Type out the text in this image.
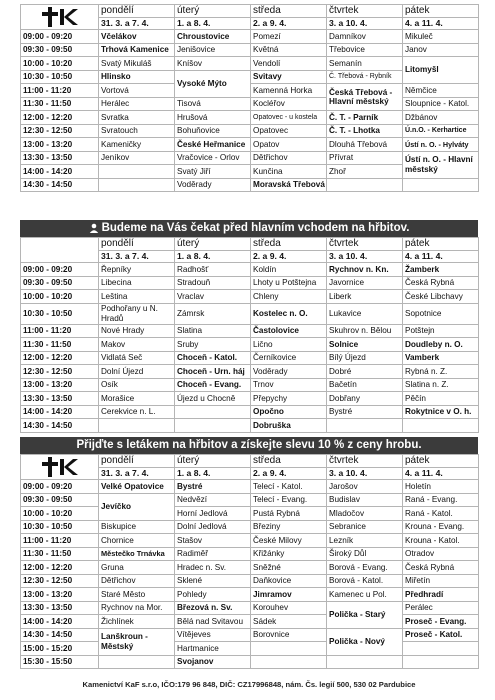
	pondělí	úterý	středa	čtvrtek	pátek
	31. 3. a 7. 4.	1. a 8. 4.	2. a 9. 4.	3. a 10. 4.	4. a 11. 4.
09:00 - 09:20	Včelákov	Chroustovice	Pomezí	Damníkov	Mikuleč
09:30 - 09:50	Trhová Kamenice	Jenišovice	Květná	Třebovice	Janov
10:00 - 10:20	Svatý Mikuláš	Kníšov	Vendolí	Semanín	Litomyšl
10:30 - 10:50	Hlinsko	Vysoké Mýto	Svitavy	Č. Třebová - Rybník	
11:00 - 11:20	Vortová		Kamenná Horka	Česká Třebová - Hlavní městský	Němčice
11:30 - 11:50	Herálec	Tisová	Kocléřov		Sloupnice - Katol.
12:00 - 12:20	Svratka	Hrušová	Opatovec - u kostela	Č. T. - Parník	Džbánov
12:30 - 12:50	Svratouch	Bohuňovice	Opatovec	Č. T. - Lhotka	Ú.n.O. - Kerhartice
13:00 - 13:20	Kameničky	České Heřmanice	Opatov	Dlouhá Třebová	Ústí n. O. - Hylváty
13:30 - 13:50	Jeníkov	Vračovice - Orlov	Dětřichov	Přívrat	Ústí n. O. - Hlavní městský
14:00 - 14:20		Svatý Jiří	Kunčina	Zhoř	
14:30 - 14:50		Voděrady	Moravská Třebová		
Budeme na Vás čekat před hlavním vchodem na hřbitov.
	pondělí	úterý	středa	čtvrtek	pátek
	31. 3. a 7. 4.	1. a 8. 4.	2. a 9. 4.	3. a 10. 4.	4. a 11. 4.
09:00 - 09:20	Řepníky	Radhošť	Koldín	Rychnov n. Kn.	Žamberk
09:30 - 09:50	Libecina	Stradouň	Lhoty u Potštejna	Javornice	Česká Rybná
10:00 - 10:20	Leština	Vraclav	Chleny	Liberk	České Libchavy
10:30 - 10:50	Podhořany u N. Hradů	Zámrsk	Kostelec n. O.	Lukavice	Sopotnice
11:00 - 11:20	Nové Hrady	Slatina	Častolovice	Skuhrov n. Bělou	Potštejn
11:30 - 11:50	Makov	Sruby	Ličnо	Solnice	Doudleby n. O.
12:00 - 12:20	Vidlatá Seč	Choceň - Katol.	Černíkovice	Bílý Újezd	Vamberk
12:30 - 12:50	Dolní Újezd	Choceň - Urn. háj	Voděrady	Dobré	Rybná n. Z.
13:00 - 13:20	Osík	Choceň - Evang.	Trnov	Bačetín	Slatina n. Z.
13:30 - 13:50	Morašice	Újezd u Chocně	Přepychy	Dobřany	Pěčín
14:00 - 14:20	Cerekvice n. L.		Opočno	Bystré	Rokytnice v O. h.
14:30 - 14:50			Dobruška		
Přijďte s letákem na hřbitov a získejte slevu 10 % z ceny hrobu.
	pondělí	úterý	středa	čtvrtek	pátek
	31. 3. a 7. 4.	1. a 8. 4.	2. a 9. 4.	3. a 10. 4.	4. a 11. 4.
09:00 - 09:20	Velké Opatovice	Bystré	Telecí - Katol.	Jarošov	Holetín
09:30 - 09:50	Jevíčko	Nedvězí	Telecí - Evang.	Budislav	Raná - Evang.
10:00 - 10:20		Horní Jedlová	Pustá Rybná	Mladočov	Raná - Katol.
10:30 - 10:50	Biskupice	Dolní Jedlová	Březiny	Sebranice	Krouna - Evang.
11:00 - 11:20	Chornice	Stašov	České Milovy	Lezník	Krouna - Katol.
11:30 - 11:50	Městečko Trnávka	Radiměř	Křižánky	Široký Důl	Otradov
12:00 - 12:20	Gruna	Hradec n. Sv.	Sněžné	Borová - Evang.	Česká Rybná
12:30 - 12:50	Dětřichov	Sklené	Daňkovice	Borová - Katol.	Miřetín
13:00 - 13:20	Staré Město	Pohledy	Jimramov	Kamenec u Pol.	Předhradí
13:30 - 13:50	Rychnov na Mor.	Březová n. Sv.	Korouhev	Polička - Starý	Perálec
14:00 - 14:20	Žichlínek	Bělá nad Svitavou	Sádek		Proseč - Evang.
14:30 - 14:50	Lanškroun - Městský	Vítějeves	Borovnice	Polička - Nový	Proseč - Katol.
15:00 - 15:20		Hartmanice			
15:30 - 15:50		Svojanov			
Kamenictví KaF s.r.o, IČO:179 96 848, DIČ: CZ17996848, nám. Čs. legií 500, 530 02 Pardubice
